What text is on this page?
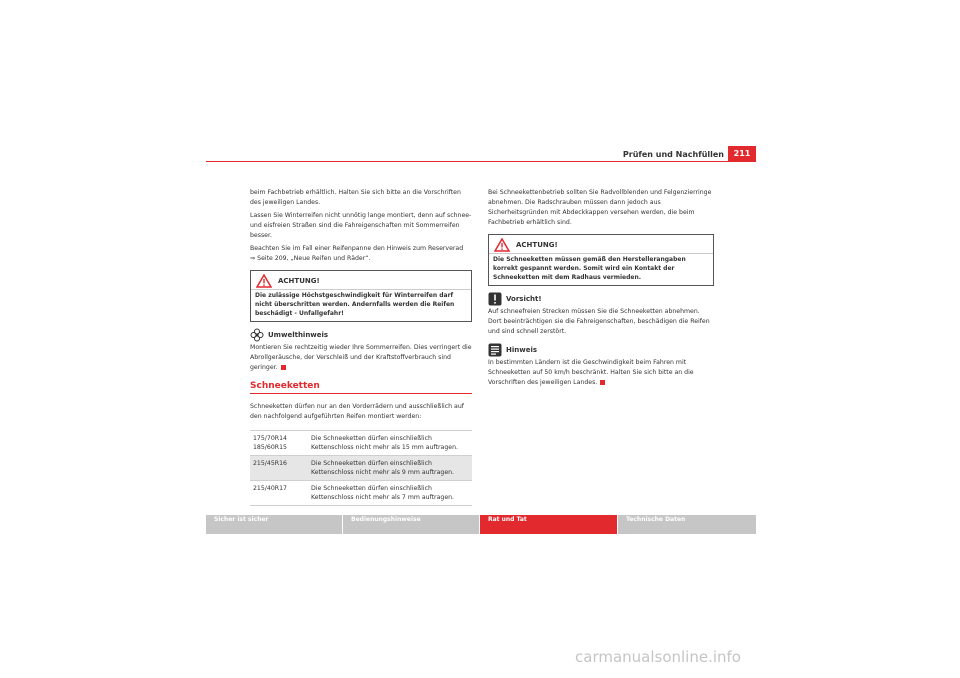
Prüfen und Nachfüllen	211

beim Fachbetrieb erhältlich. Halten Sie sich bitte an die Vorschriften des jeweiligen Landes.

Lassen Sie Winterreifen nicht unnötig lange montiert, denn auf schnee- und eisfreien Straßen sind die Fahreigenschaften mit Sommerreifen besser.

Beachten Sie im Fall einer Reifenpanne den Hinweis zum Reserverad
⇒ Seite 209, „Neue Reifen und Räder“.

ACHTUNG!
Die zulässige Höchstgeschwindigkeit für Winterreifen darf nicht überschritten werden. Andernfalls werden die Reifen beschädigt - Unfallgefahr!
Umwelthinweis

Montieren Sie rechtzeitig wieder Ihre Sommerreifen. Dies verringert die Abrollgeräusche, der Verschleiß und der Kraftstoffverbrauch sind geringer.

Schneeketten

Schneeketten dürfen nur an den Vorderrädern und ausschließlich auf den nachfolgend aufgeführten Reifen montiert werden:

175/70R14
185/60R15	Die Schneeketten dürfen einschließlich Kettenschloss nicht mehr als 15 mm auftragen.
215/45R16	Die Schneeketten dürfen einschließlich Kettenschloss nicht mehr als 9 mm auftragen.
215/40R17	Die Schneeketten dürfen einschließlich Kettenschloss nicht mehr als 7 mm auftragen.

Bei Schneekettenbetrieb sollten Sie Radvollblenden und Felgenzierringe abnehmen. Die Radschrauben müssen dann jedoch aus Sicherheitsgründen mit Abdeckkappen versehen werden, die beim Fachbetrieb erhältlich sind.

ACHTUNG!
Die Schneeketten müssen gemäß den Herstellerangaben korrekt gespannt werden. Somit wird ein Kontakt der Schneeketten mit dem Radhaus vermieden.
Vorsicht!

Auf schneefreien Strecken müssen Sie die Schneeketten abnehmen. Dort beeinträchtigen sie die Fahreigenschaften, beschädigen die Reifen und sind schnell zerstört.

Hinweis

In bestimmten Ländern ist die Geschwindigkeit beim Fahren mit Schneeketten auf 50 km/h beschränkt. Halten Sie sich bitte an die Vorschriften des jeweiligen Landes.

Sicher ist sicher	Bedienungshinweise	Rat und Tat	Technische Daten
carmanualsonline.info
